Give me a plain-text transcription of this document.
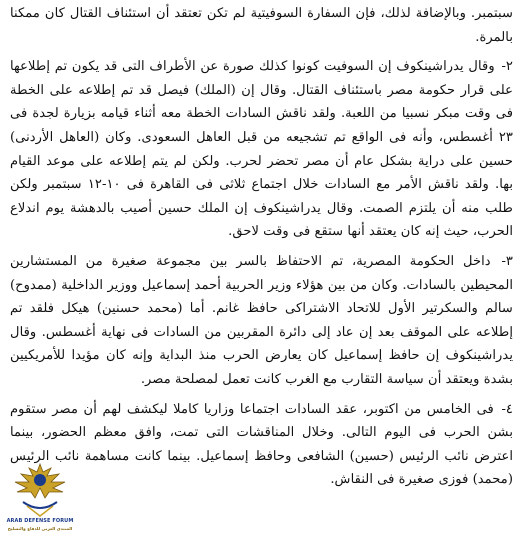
سبتمبر. وبالإضافة لذلك، فإن السفارة السوفيتية لم تكن تعتقد أن استئناف القتال كان ممكنا بالمرة.

٢- وقال يدراشينكوف إن السوفيت كونوا كذلك صورة عن الأطراف التى قد يكون تم إطلاعها على قرار حكومة مصر باستئناف القتال. وقال إن (الملك) فيصل قد تم إطلاعه على الخطة فى وقت مبكر نسبيا من اللعبة. ولقد ناقش السادات الخطة معه أثناء قيامه بزيارة لجدة فى ٢٣ أغسطس، وأنه فى الواقع تم تشجيعه من قبل العاهل السعودى. وكان (العاهل الأردنى) حسين على دراية بشكل عام أن مصر تحضر لحرب. ولكن لم يتم إطلاعه على موعد القيام بها. ولقد ناقش الأمر مع السادات خلال اجتماع ثلاثى فى القاهرة فى ١٠-١٢ سبتمبر ولكن طلب منه أن يلتزم الصمت. وقال يدراشينكوف إن الملك حسين أصيب بالدهشة يوم اندلاع الحرب، حيث إنه كان يعتقد أنها ستقع فى وقت لاحق.

٣- داخل الحكومة المصرية، تم الاحتفاظ بالسر بين مجموعة صغيرة من المستشارين المحيطين بالسادات. وكان من بين هؤلاء وزير الحربية أحمد إسماعيل ووزير الداخلية (ممدوح) سالم والسكرتير الأول للاتحاد الاشتراكى حافظ غانم. أما (محمد حسنين) هيكل فلقد تم إطلاعه على الموقف بعد إن عاد إلى دائرة المقربين من السادات فى نهاية أغسطس. وقال يدراشينكوف إن حافظ إسماعيل كان يعارض الحرب منذ البداية وإنه كان مؤيدا للأمريكيين بشدة ويعتقد أن سياسة التقارب مع الغرب كانت تعمل لمصلحة مصر.

٤- فى الخامس من اكتوبر، عقد السادات اجتماعا وزاريا كاملا ليكشف لهم أن مصر ستقوم بشن الحرب فى اليوم التالى. وخلال المناقشات التى تمت، وافق معظم الحضور، بينما اعترض نائب الرئيس (حسين) الشافعى وحافظ إسماعيل. بينما كانت مساهمة نائب الرئيس (محمد) فوزى صغيرة فى النقاش.

ARAB DEFENSE FORUM
المنتدى العربي للدفاع والتسليح
